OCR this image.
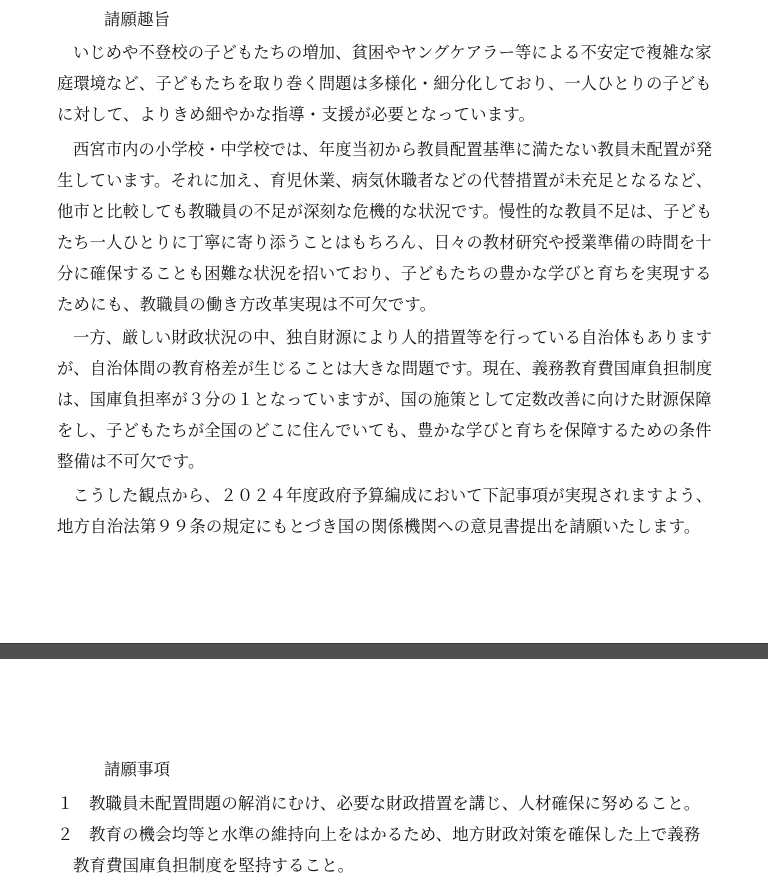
請願趣旨
いじめや不登校の子どもたちの増加、貧困やヤングケアラー等による不安定で複雑な家
庭環境など、子どもたちを取り巻く問題は多様化・細分化しており、一人ひとりの子ども
に対して、よりきめ細やかな指導・支援が必要となっています。
西宮市内の小学校・中学校では、年度当初から教員配置基準に満たない教員未配置が発
生しています。それに加え、育児休業、病気休職者などの代替措置が未充足となるなど、
他市と比較しても教職員の不足が深刻な危機的な状況です。慢性的な教員不足は、子ども
たち一人ひとりに丁寧に寄り添うことはもちろん、日々の教材研究や授業準備の時間を十
分に確保することも困難な状況を招いており、子どもたちの豊かな学びと育ちを実現する
ためにも、教職員の働き方改革実現は不可欠です。
一方、厳しい財政状況の中、独自財源により人的措置等を行っている自治体もあります
が、自治体間の教育格差が生じることは大きな問題です。現在、義務教育費国庫負担制度
は、国庫負担率が３分の１となっていますが、国の施策として定数改善に向けた財源保障
をし、子どもたちが全国のどこに住んでいても、豊かな学びと育ちを保障するための条件
整備は不可欠です。
こうした観点から、２０２４年度政府予算編成において下記事項が実現されますよう、
地方自治法第９９条の規定にもとづき国の関係機関への意見書提出を請願いたします。
請願事項
１ 教職員未配置問題の解消にむけ、必要な財政措置を講じ、人材確保に努めること。
２ 教育の機会均等と水準の維持向上をはかるため、地方財政対策を確保した上で義務
教育費国庫負担制度を堅持すること。
